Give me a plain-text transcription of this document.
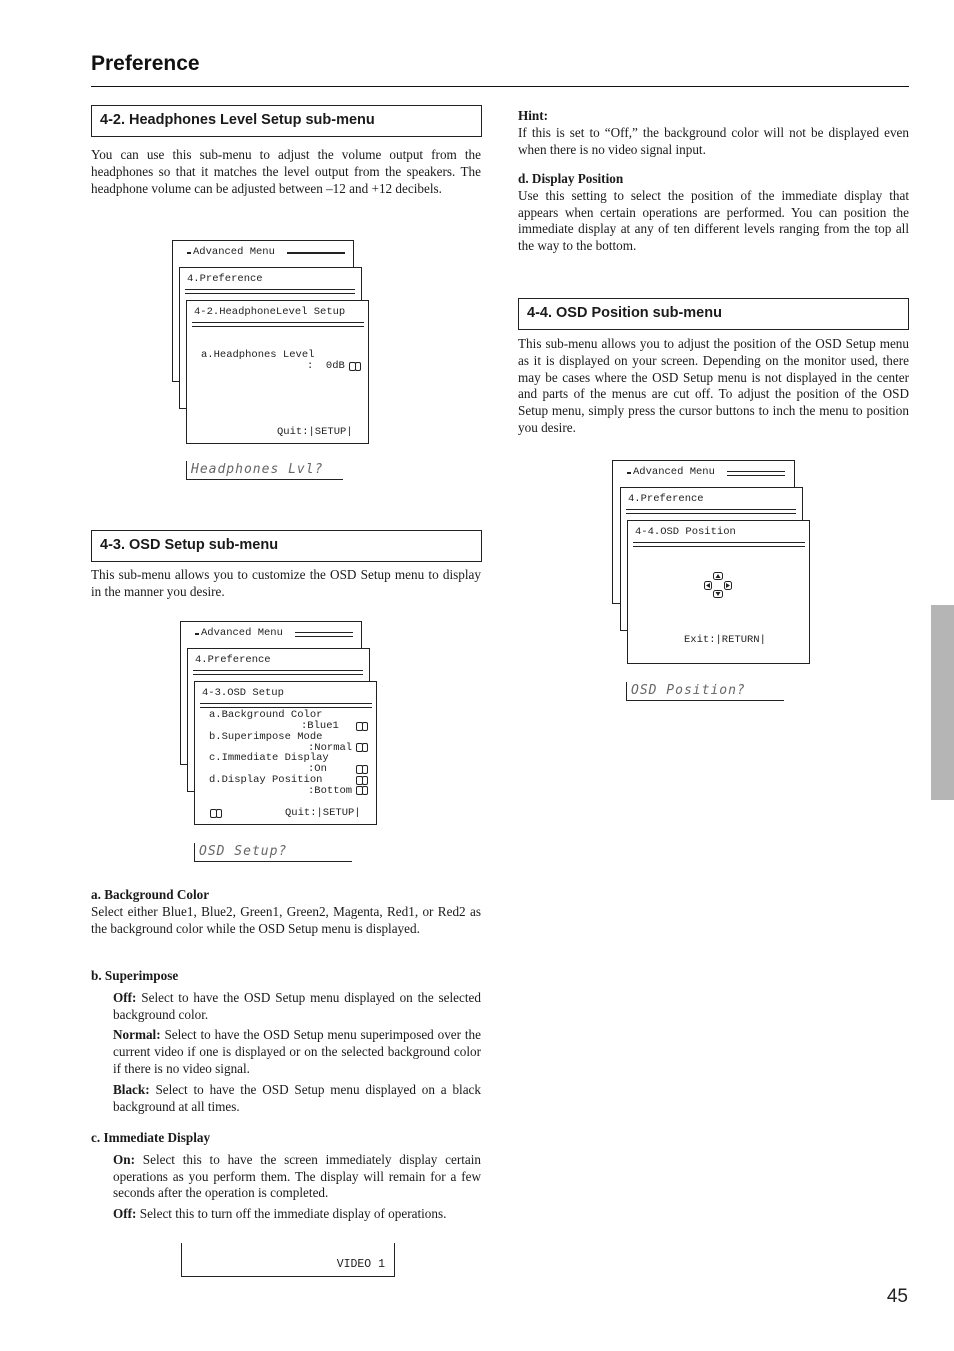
Preference
4-2. Headphones Level Setup sub-menu
You can use this sub-menu to adjust the volume output from the headphones so that it matches the level output from the speakers. The headphone volume can be adjusted between –12 and +12 decibels.
Advanced Menu
4.Preference
4-2.HeadphoneLevel Setup
a.Headphones Level
:  0dB
Quit:|SETUP|
Headphones Lvl?
4-3. OSD Setup sub-menu
This sub-menu allows you to customize the OSD Setup menu to display in the manner you desire.
Advanced Menu
4.Preference
4-3.OSD Setup
a.Background Color
:Blue1
b.Superimpose Mode
:Normal
c.Immediate Display
:On
d.Display Position
:Bottom
Quit:|SETUP|
OSD Setup?
a. Background Color

Select either Blue1, Blue2, Green1, Green2, Magenta, Red1, or Red2 as the background color while the OSD Setup menu is displayed.

b. Superimpose

Off: Select to have the OSD Setup menu displayed on the selected background color.

Normal: Select to have the OSD Setup menu superimposed over the current video if one is displayed or on the selected background color if there is no video signal.

Black: Select to have the OSD Setup menu displayed on a black background at all times.

c. Immediate Display

On: Select this to have the screen immediately display certain operations as you perform them. The display will remain for a few seconds after the operation is completed.

Off: Select this to turn off the immediate display of operations.

VIDEO 1
Hint:

If this is set to “Off,” the background color will not be displayed even when there is no video signal input.

d. Display Position

Use this setting to select the position of the immediate display that appears when certain operations are performed. You can position the immediate display at any of ten different levels ranging from the top all the way to the bottom.

4-4. OSD Position sub-menu
This sub-menu allows you to adjust the position of the OSD Setup menu as it is displayed on your screen. Depending on the monitor used, there may be cases where the OSD Setup menu is not displayed in the center and parts of the menus are cut off. To adjust the position of the OSD Setup menu, simply press the cursor buttons to inch the menu to position you desire.
Advanced Menu
4.Preference
4-4.OSD Position
Exit:|RETURN|
OSD Position?
45
